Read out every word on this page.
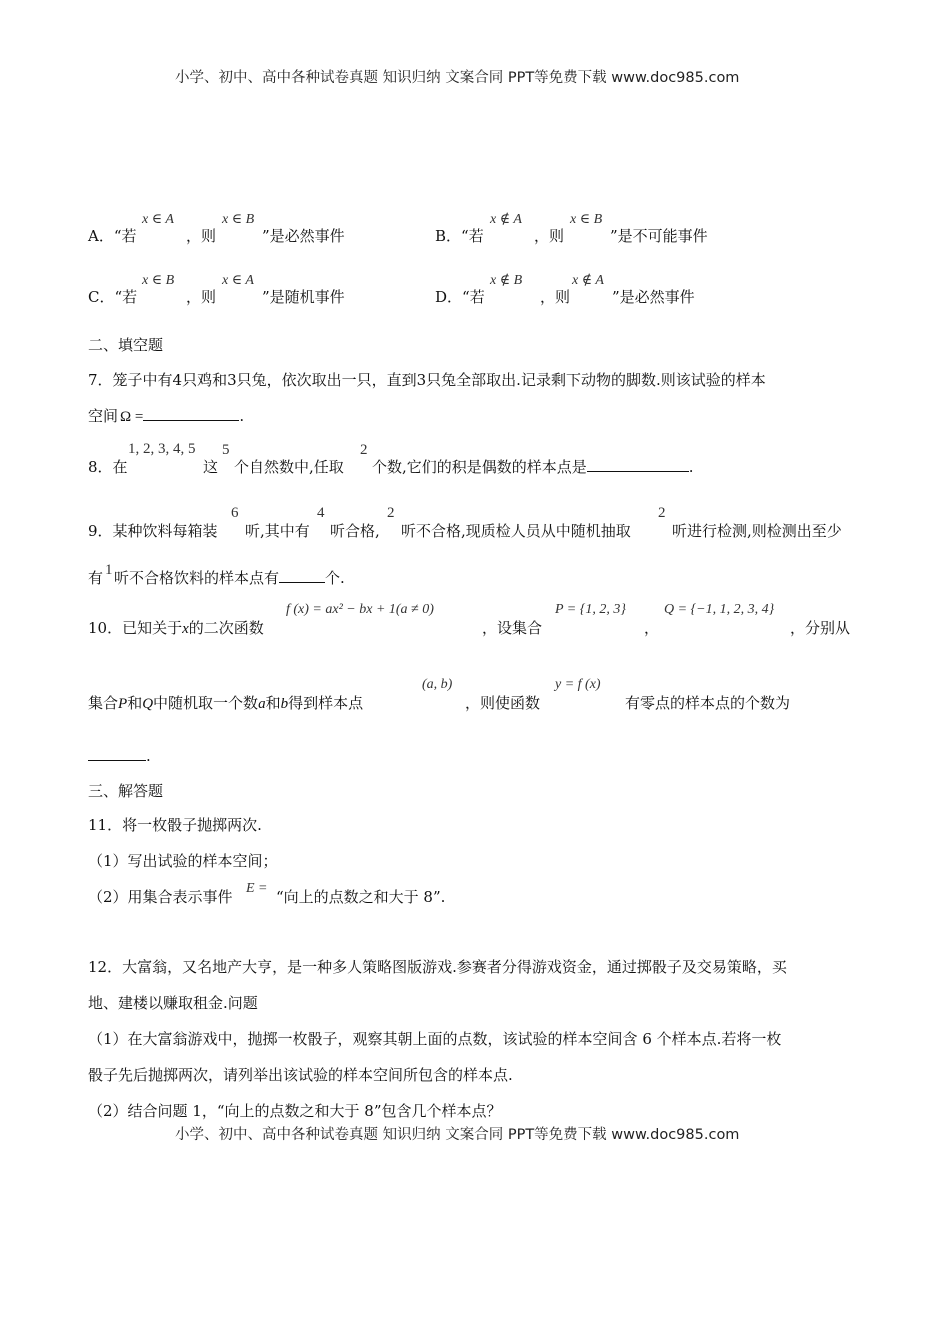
小学、初中、高中各种试卷真题 知识归纳 文案合同 PPT等免费下载 www.doc985.com
A．“若
x ∈ A
，则
x ∈ B
”是必然事件	B．“若
x ∉ A
，则
x ∈ B
”是不可能事件
C．“若
x ∈ B
，则
x ∈ A
”是随机事件	D．“若
x ∉ B
，则
x ∉ A
”是必然事件
二、填空题
7．笼子中有4只鸡和3只兔，依次取出一只，直到3只兔全部取出.记录剩下动物的脚数.则该试验的样本
空间 Ω =	.
8．在
1, 2, 3, 4, 5
这
5
个自然数中,任取
2
个数,它们的积是偶数的样本点是	.
9．某种饮料每箱装
6
听,其中有
4
听合格,
2
听不合格,现质检人员从中随机抽取
2
听进行检测,则检测出至少
有 1 听不合格饮料的样本点有	个.
10．已知关于x的二次函数
f (x) = ax² − bx + 1(a ≠ 0)
，设集合
P = {1, 2, 3}
，
Q = {−1, 1, 2, 3, 4}
，分别从
集合P和Q中随机取一个数a和b得到样本点
(a, b)
，则使函数
y = f (x)
有零点的样本点的个数为
.
三、解答题
11．将一枚骰子抛掷两次.
（1）写出试验的样本空间；
（2）用集合表示事件 E = “向上的点数之和大于 8”.
12．大富翁，又名地产大亨，是一种多人策略图版游戏.参赛者分得游戏资金，通过掷骰子及交易策略，买
地、建楼以赚取租金.问题
（1）在大富翁游戏中，抛掷一枚骰子，观察其朝上面的点数，该试验的样本空间含 6 个样本点.若将一枚
骰子先后抛掷两次，请列举出该试验的样本空间所包含的样本点.
（2）结合问题 1，“向上的点数之和大于 8”包含几个样本点？
小学、初中、高中各种试卷真题 知识归纳 文案合同 PPT等免费下载 www.doc985.com
